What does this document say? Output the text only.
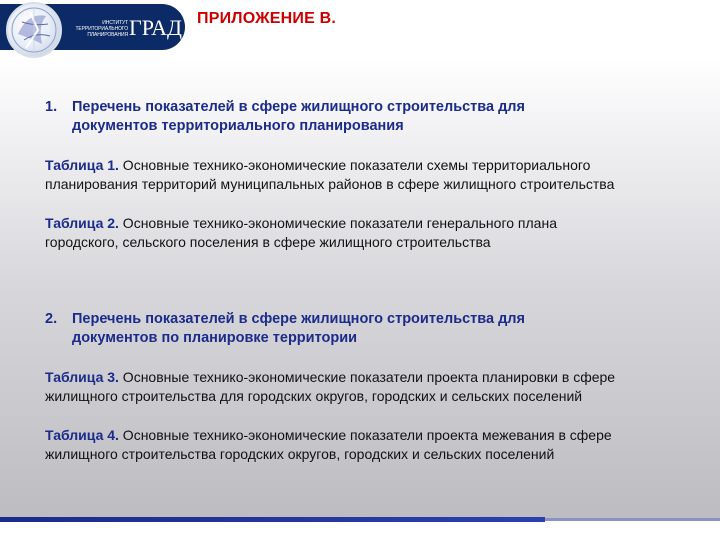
ИНСТИТУТ
ТЕРРИТОРИАЛЬНОГО
ПЛАНИРОВАНИЯ ГРАД ПРИЛОЖЕНИЕ В.
1. Перечень показателей в сфере жилищного строительства для
документов территориального планирования
Таблица 1. Основные технико-экономические показатели схемы территориального
планирования территорий муниципальных районов в сфере жилищного строительства
Таблица 2. Основные технико-экономические показатели генерального плана
городского, сельского поселения в сфере жилищного строительства
2. Перечень показателей в сфере жилищного строительства для
документов по планировке территории
Таблица 3. Основные технико-экономические показатели проекта планировки в сфере
жилищного строительства для городских округов, городских и сельских поселений
Таблица 4. Основные технико-экономические показатели проекта межевания в сфере
жилищного строительства городских округов, городских и сельских поселений
